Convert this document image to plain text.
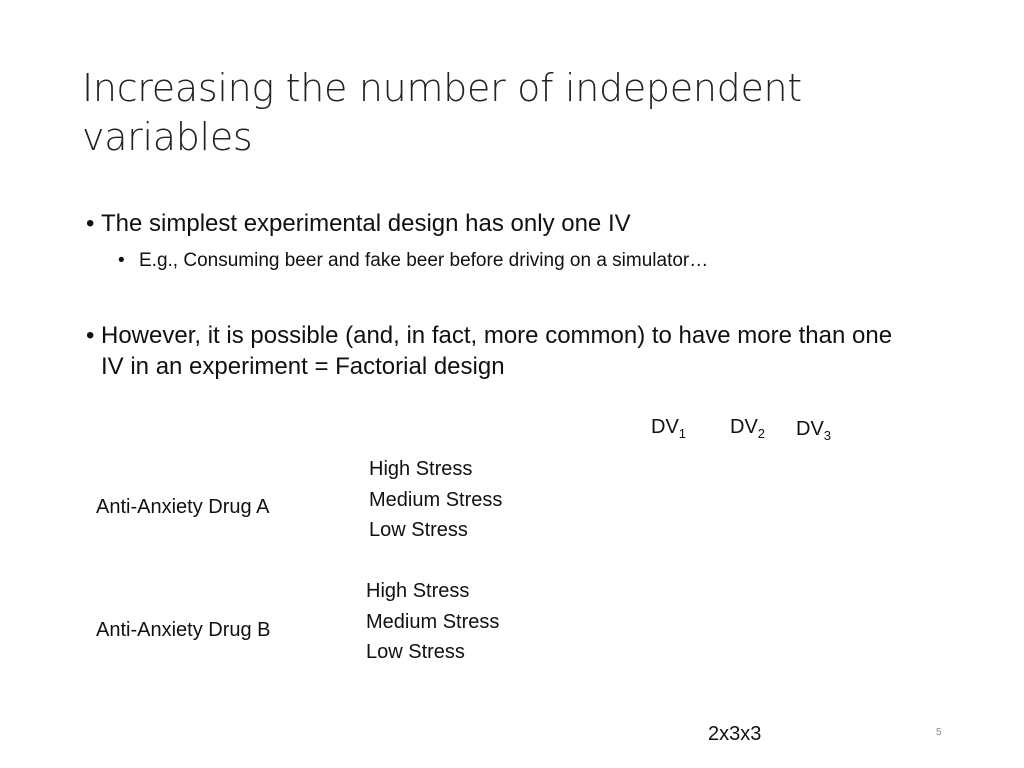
Increasing the number of independent variables
• The simplest experimental design has only one IV
• E.g., Consuming beer and fake beer before driving on a simulator…
• However, it is possible (and, in fact, more common) to have more than one IV in an experiment = Factorial design
$DV_1$ $DV_2$ $DV_3$
Anti-Anxiety Drug A
High Stress
Medium Stress
Low Stress
Anti-Anxiety Drug B
High Stress
Medium Stress
Low Stress
2x3x3	5
